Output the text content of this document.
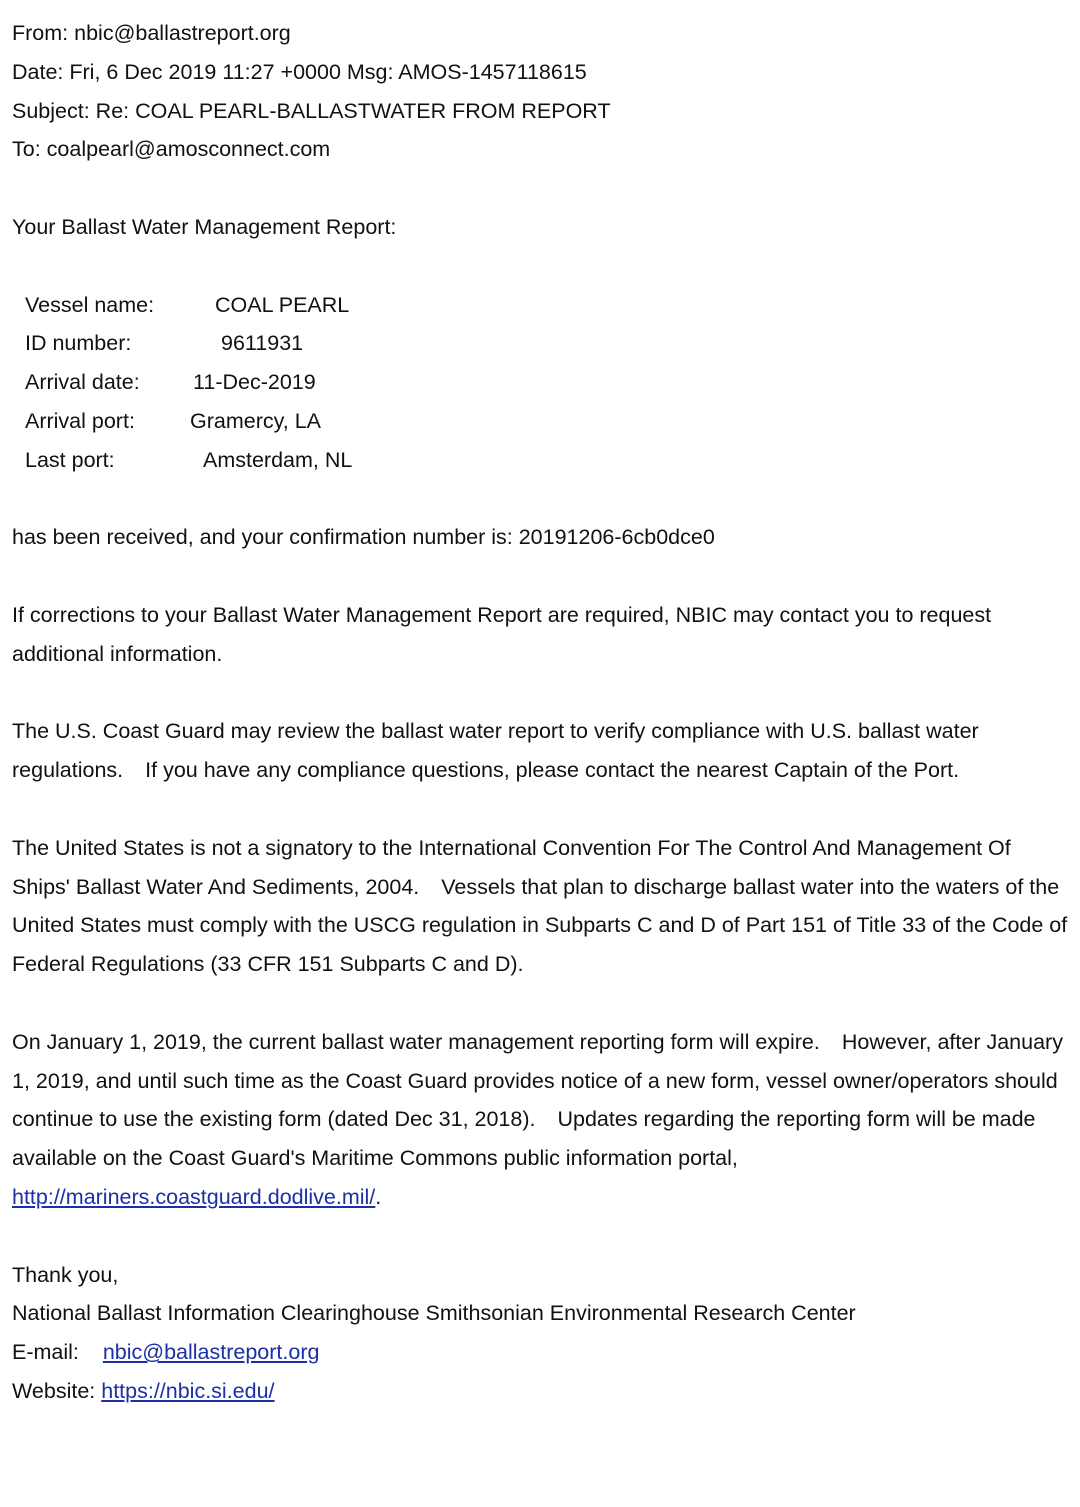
From: nbic@ballastreport.org
Date: Fri, 6 Dec 2019 11:27 +0000 Msg: AMOS-1457118615
Subject: Re: COAL PEARL-BALLASTWATER FROM REPORT
To: coalpearl@amosconnect.com
Your Ballast Water Management Report:
Vessel name:	COAL PEARL
ID number:	9611931
Arrival date:	11-Dec-2019
Arrival port:	Gramercy, LA
Last port:	Amsterdam, NL
has been received, and your confirmation number is: 20191206-6cb0dce0

If corrections to your Ballast Water Management Report are required, NBIC may contact you to request additional information.

The U.S. Coast Guard may review the ballast water report to verify compliance with U.S. ballast water regulations. If you have any compliance questions, please contact the nearest Captain of the Port.

The United States is not a signatory to the International Convention For The Control And Management Of Ships' Ballast Water And Sediments, 2004. Vessels that plan to discharge ballast water into the waters of the United States must comply with the USCG regulation in Subparts C and D of Part 151 of Title 33 of the Code of Federal Regulations (33 CFR 151 Subparts C and D).

On January 1, 2019, the current ballast water management reporting form will expire. However, after January 1, 2019, and until such time as the Coast Guard provides notice of a new form, vessel owner/operators should continue to use the existing form (dated Dec 31, 2018). Updates regarding the reporting form will be made available on the Coast Guard's Maritime Commons public information portal, http://mariners.coastguard.dodlive.mil/.

Thank you,
National Ballast Information Clearinghouse Smithsonian Environmental Research Center
E-mail: nbic@ballastreport.org
Website: https://nbic.si.edu/
